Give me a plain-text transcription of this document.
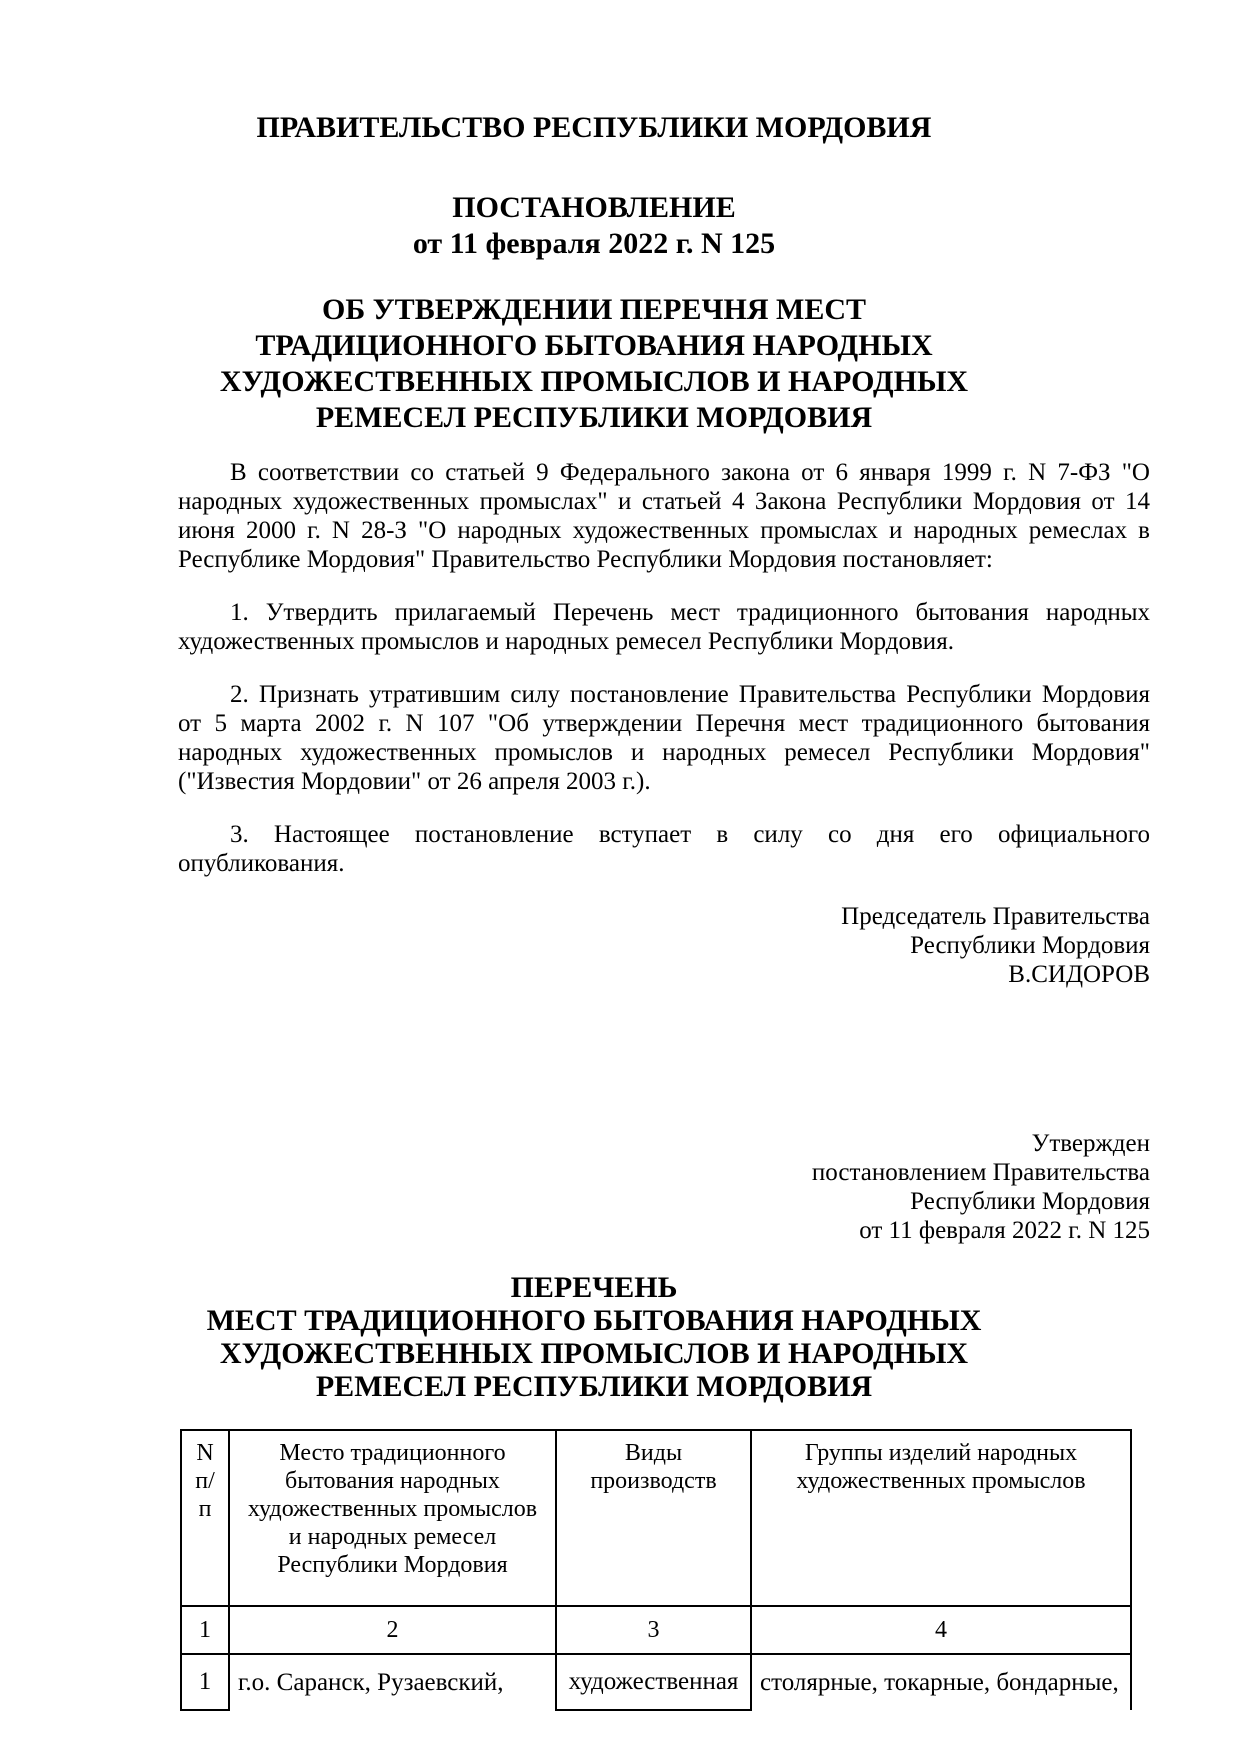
ПРАВИТЕЛЬСТВО РЕСПУБЛИКИ МОРДОВИЯ
ПОСТАНОВЛЕНИЕ
от 11 февраля 2022 г. N 125
ОБ УТВЕРЖДЕНИИ ПЕРЕЧНЯ МЕСТ ТРАДИЦИОННОГО БЫТОВАНИЯ НАРОДНЫХ ХУДОЖЕСТВЕННЫХ ПРОМЫСЛОВ И НАРОДНЫХ РЕМЕСЕЛ РЕСПУБЛИКИ МОРДОВИЯ

В соответствии со статьей 9 Федерального закона от 6 января 1999 г. N 7-ФЗ "О народных художественных промыслах" и статьей 4 Закона Республики Мордовия от 14 июня 2000 г. N 28-З "О народных художественных промыслах и народных ремеслах в Республике Мордовия" Правительство Республики Мордовия постановляет:

1. Утвердить прилагаемый Перечень мест традиционного бытования народных художественных промыслов и народных ремесел Республики Мордовия.

2. Признать утратившим силу постановление Правительства Республики Мордовия от 5 марта 2002 г. N 107 "Об утверждении Перечня мест традиционного бытования народных художественных промыслов и народных ремесел Республики Мордовия" ("Известия Мордовии" от 26 апреля 2003 г.).

3. Настоящее постановление вступает в силу со дня его официального опубликования.

Председатель Правительства
Республики Мордовия
В.СИДОРОВ
Утвержден
постановлением Правительства
Республики Мордовия
от 11 февраля 2022 г. N 125
ПЕРЕЧЕНЬ
МЕСТ ТРАДИЦИОННОГО БЫТОВАНИЯ НАРОДНЫХ ХУДОЖЕСТВЕННЫХ ПРОМЫСЛОВ И НАРОДНЫХ РЕМЕСЕЛ РЕСПУБЛИКИ МОРДОВИЯ
N п/п	Место традиционного бытования народных художественных промыслов и народных ремесел Республики Мордовия	Виды производств	Группы изделий народных художественных промыслов
1	2	3	4
1	г.о. Саранск, Рузаевский,	художественная	столярные, токарные, бондарные,
